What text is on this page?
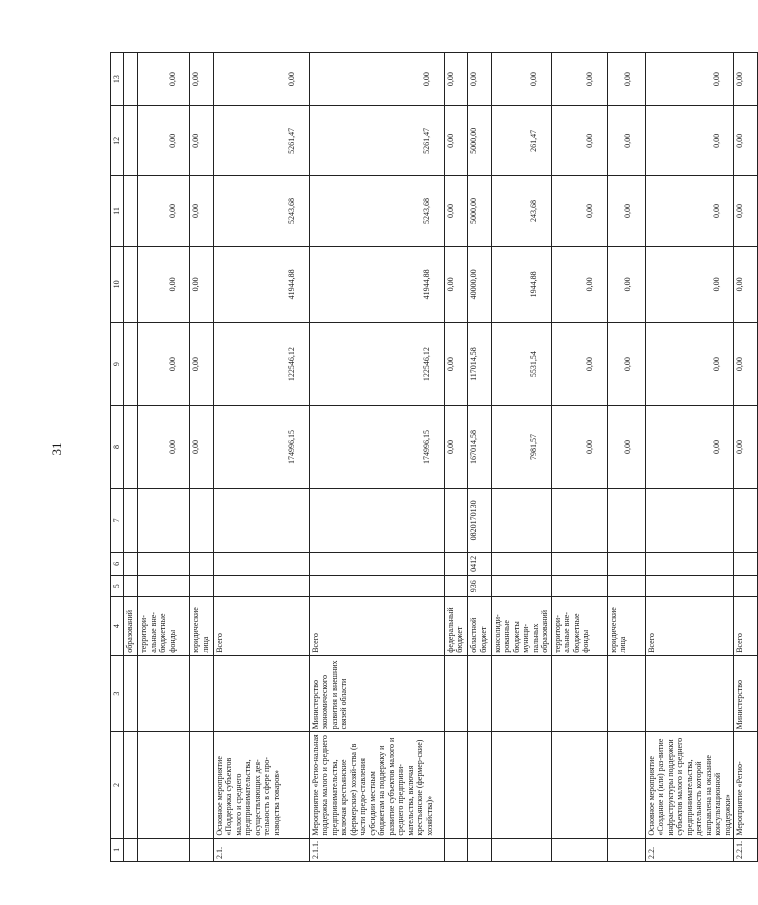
31
1	2	3	4	5	6	7	8	9	10	11	12	13
			образований									
			территори-альные вне-бюджетные фонды				0,00	0,00	0,00	0,00	0,00	0,00
			юридические лица				0,00	0,00	0,00	0,00	0,00	0,00
2.1.	Основное мероприятие «Поддержка субъектов малого и среднего предпринимательства, осуществляющих дея-тельность в сфере про-изводства товаров»		Всего				174996,15	122546,12	41944,88	5243,68	5261,47	0,00
2.1.1.	Мероприятие «Регио-нальная поддержка малого и среднего предпринимательства, включая крестьянские (фермерские) хозяй-ства (в части предо-ставления субсидии местным бюджетам на поддержку и развитие субъектов малого и среднего предприни-мательства, включая крестьянские (фермер-ские) хозяйства)»	Министерство экономического развития и внешних связей области	Всего				174996,15	122546,12	41944,88	5243,68	5261,47	0,00
			федеральный бюджет				0,00	0,00	0,00	0,00	0,00	0,00
			областной бюджет	936	0412	0820170130	167014,58	117014,58	40000,00	5000,00	5000,00	0,00
			консолиди-рованные бюджеты муници-пальных образований				7981,57	5531,54	1944,88	243,68	261,47	0,00
			территори-альные вне-бюджетные фонды				0,00	0,00	0,00	0,00	0,00	0,00
			юридические лица				0,00	0,00	0,00	0,00	0,00	0,00
2.2.	Основное мероприятие «Создание и (или) раз-витие инфраструктуры поддержки субъектов малого и среднего предпринимательства, деятельность которой направлена на оказание консультационной поддержки»		Всего				0,00	0,00	0,00	0,00	0,00	0,00
2.2.1.	Мероприятие «Регио-	Министерство	Всего				0,00	0,00	0,00	0,00	0,00	0,00
